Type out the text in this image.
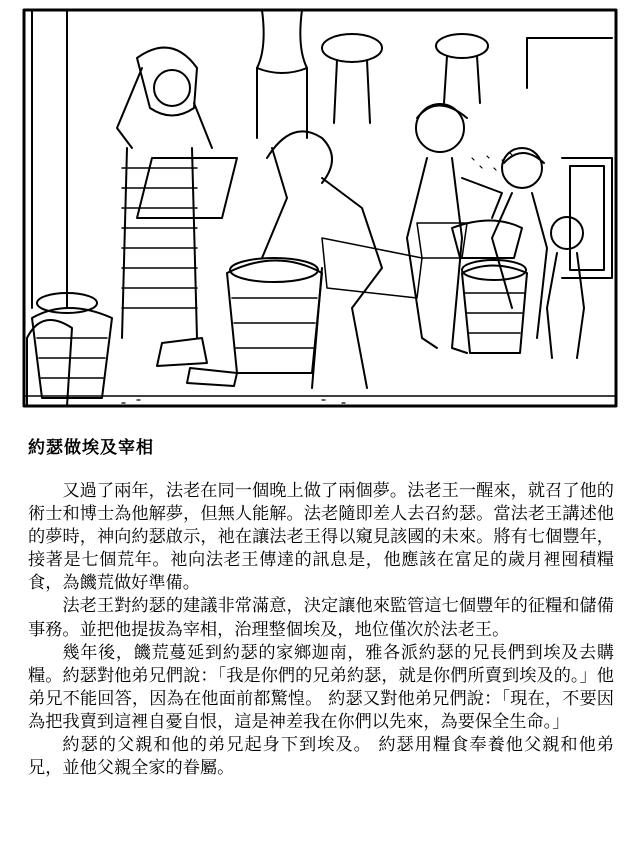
約瑟做埃及宰相

又過了兩年，法老在同一個晚上做了兩個夢。法老王一醒來，就召了他的術士和博士為他解夢，但無人能解。法老隨即差人去召約瑟。當法老王講述他的夢時，神向約瑟啟示，祂在讓法老王得以窺見該國的未來。將有七個豐年，接著是七個荒年。祂向法老王傳達的訊息是，他應該在富足的歲月裡囤積糧食，為饑荒做好準備。

法老王對約瑟的建議非常滿意，決定讓他來監管這七個豐年的征糧和儲備事務。並把他提拔為宰相，治理整個埃及，地位僅次於法老王。

幾年後，饑荒蔓延到約瑟的家鄉迦南，雅各派約瑟的兄長們到埃及去購糧。約瑟對他弟兄們說：「我是你們的兄弟約瑟，就是你們所賣到埃及的。」他弟兄不能回答，因為在他面前都驚惶。 約瑟又對他弟兄們說：「現在，不要因為把我賣到這裡自憂自恨，這是神差我在你們以先來，為要保全生命。」

約瑟的父親和他的弟兄起身下到埃及。 約瑟用糧食奉養他父親和他弟兄，並他父親全家的眷屬。
